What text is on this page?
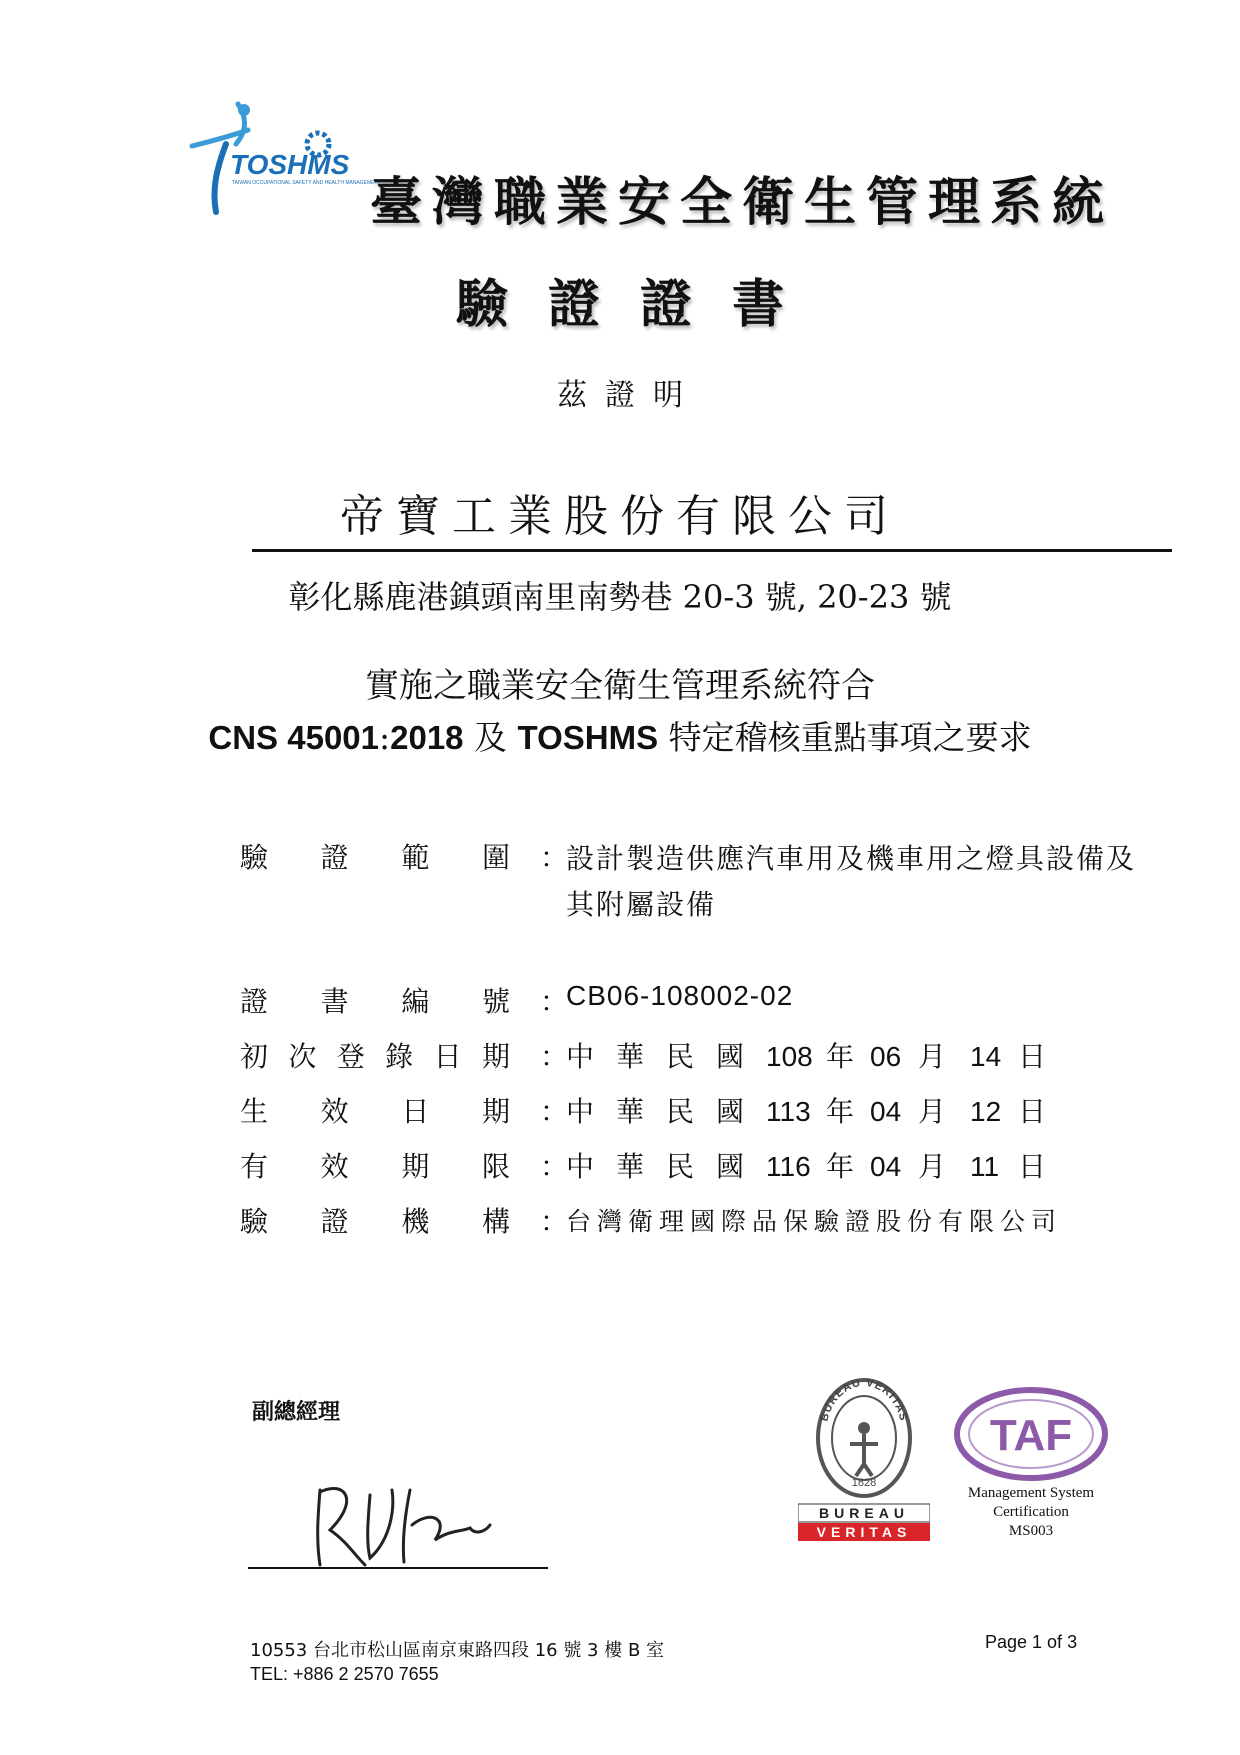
TOSHMS
TAIWAN OCCUPATIONAL SAFETY AND HEALTH MANAGEMENT SYSTEM
臺灣職業安全衛生管理系統
驗證證書
茲證明
帝寶工業股份有限公司
彰化縣鹿港鎮頭南里南勢巷 20-3 號, 20-23 號
實施之職業安全衛生管理系統符合
CNS 45001:2018 及 TOSHMS 特定稽核重點事項之要求
驗 證 範 圍 ：
設計製造供應汽車用及機車用之燈具設備及其附屬設備
證 書 編 號 ：
CB06-108002-02
初 次 登 錄 日 期 ：
中 華 民 國 108 年 06 月 14 日
生 效 日 期 ：
中 華 民 國 113 年 04 月 12 日
有 效 期 限 ：
中 華 民 國 116 年 04 月 11 日
驗 證 機 構 ：
台灣衛理國際品保驗證股份有限公司
副總經理	BUREAU VERITAS
1828
BUREAU
VERITAS
TAF
Management System
Certification
MS003
10553 台北市松山區南京東路四段 16 號 3 樓 B 室
TEL: +886 2 2570 7655
Page 1 of 3
